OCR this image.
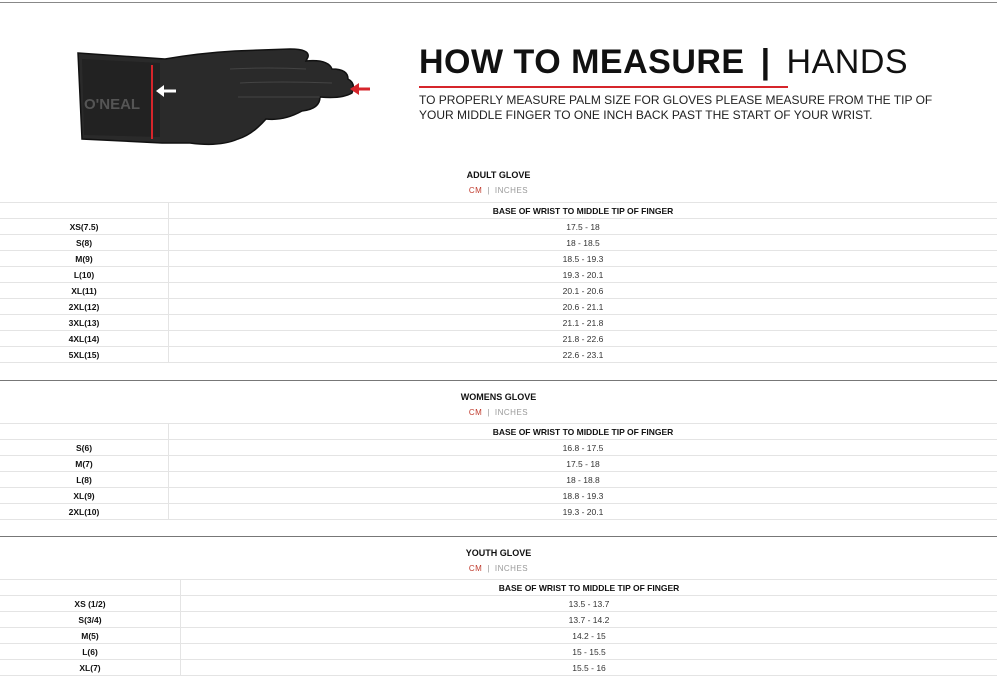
O'NEAL
HOW TO MEASURE | HANDS
TO PROPERLY MEASURE PALM SIZE FOR GLOVES PLEASE MEASURE FROM THE TIP OF YOUR MIDDLE FINGER TO ONE INCH BACK PAST THE START OF YOUR WRIST.
ADULT GLOVE
CM | INCHES
	BASE OF WRIST TO MIDDLE TIP OF FINGER
XS(7.5)	17.5 - 18
S(8)	18 - 18.5
M(9)	18.5 - 19.3
L(10)	19.3 - 20.1
XL(11)	20.1 - 20.6
2XL(12)	20.6 - 21.1
3XL(13)	21.1 - 21.8
4XL(14)	21.8 - 22.6
5XL(15)	22.6 - 23.1
WOMENS GLOVE
CM | INCHES
	BASE OF WRIST TO MIDDLE TIP OF FINGER
S(6)	16.8 - 17.5
M(7)	17.5 - 18
L(8)	18 - 18.8
XL(9)	18.8 - 19.3
2XL(10)	19.3 - 20.1
YOUTH GLOVE
CM | INCHES
	BASE OF WRIST TO MIDDLE TIP OF FINGER
XS (1/2)	13.5 - 13.7
S(3/4)	13.7 - 14.2
M(5)	14.2 - 15
L(6)	15 - 15.5
XL(7)	15.5 - 16
